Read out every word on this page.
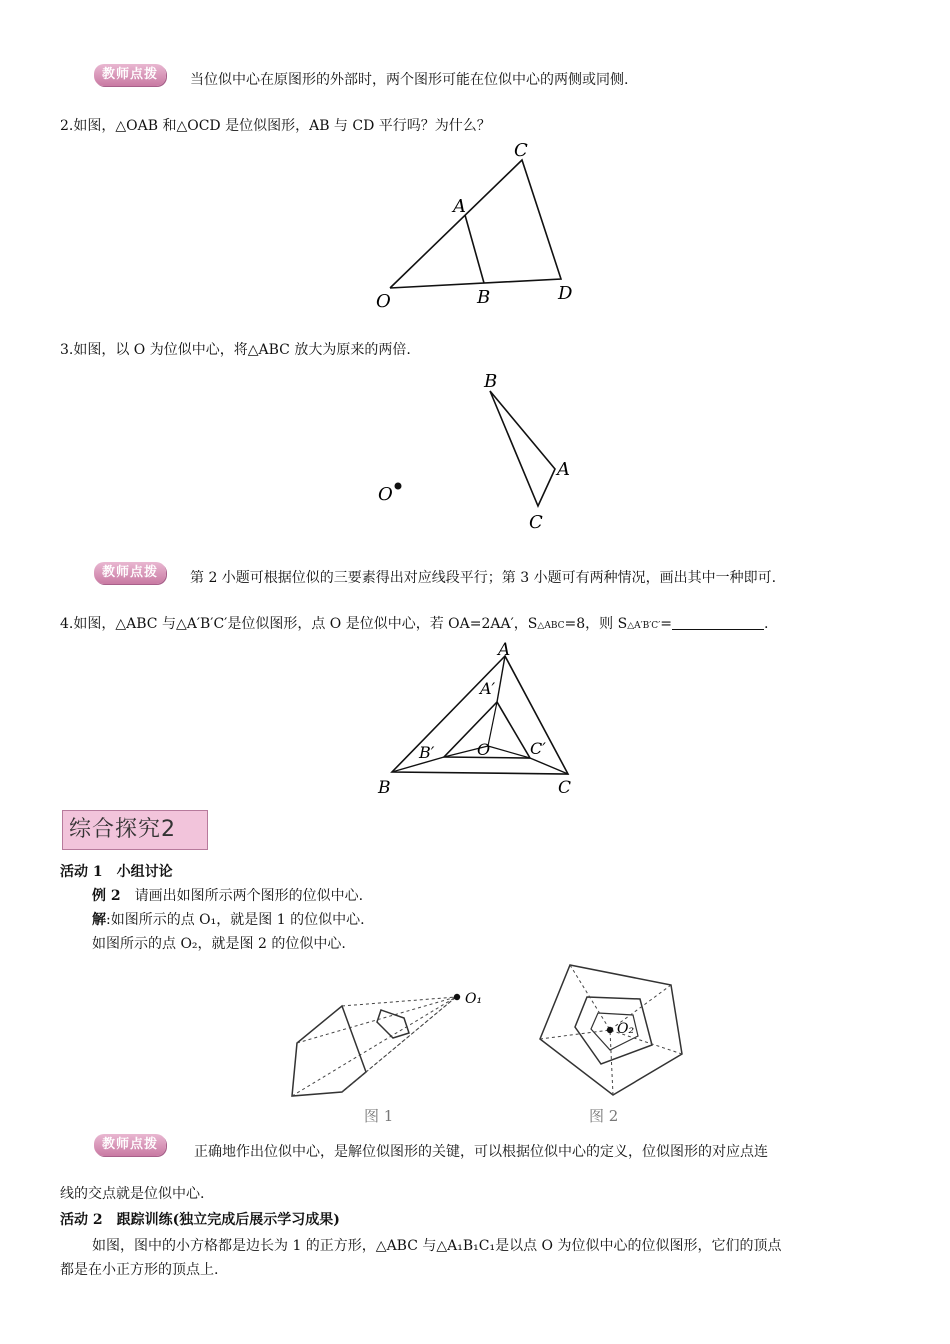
教师点拨	当位似中心在原图形的外部时，两个图形可能在位似中心的两侧或同侧.
2.如图，△OAB 和△OCD 是位似图形，AB 与 CD 平行吗？为什么？
C
A
O	B	D
3.如图，以 O 为位似中心，将△ABC 放大为原来的两倍.
B
A
C
O
教师点拨	第 2 小题可根据位似的三要素得出对应线段平行；第 3 小题可有两种情况，画出其中一种即可.
4.如图，△ABC 与△A′B′C′是位似图形，点 O 是位似中心，若 OA=2AA′，S△ABC=8，则 S△A′B′C′=	.
A
A′
B′	O C′
B	C
综合探究2
活动 1　小组讨论
例 2　 请画出如图所示两个图形的位似中心.
解:如图所示的点 O₁，就是图 1 的位似中心.
如图所示的点 O₂，就是图 2 的位似中心.
O₁
图 1
O₂
图 2
教师点拨	正确地作出位似中心，是解位似图形的关键，可以根据位似中心的定义，位似图形的对应点连
线的交点就是位似中心.
活动 2　跟踪训练(独立完成后展示学习成果)
如图，图中的小方格都是边长为 1 的正方形，△ABC 与△A₁B₁C₁是以点 O 为位似中心的位似图形，它们的顶点
都是在小正方形的顶点上.
